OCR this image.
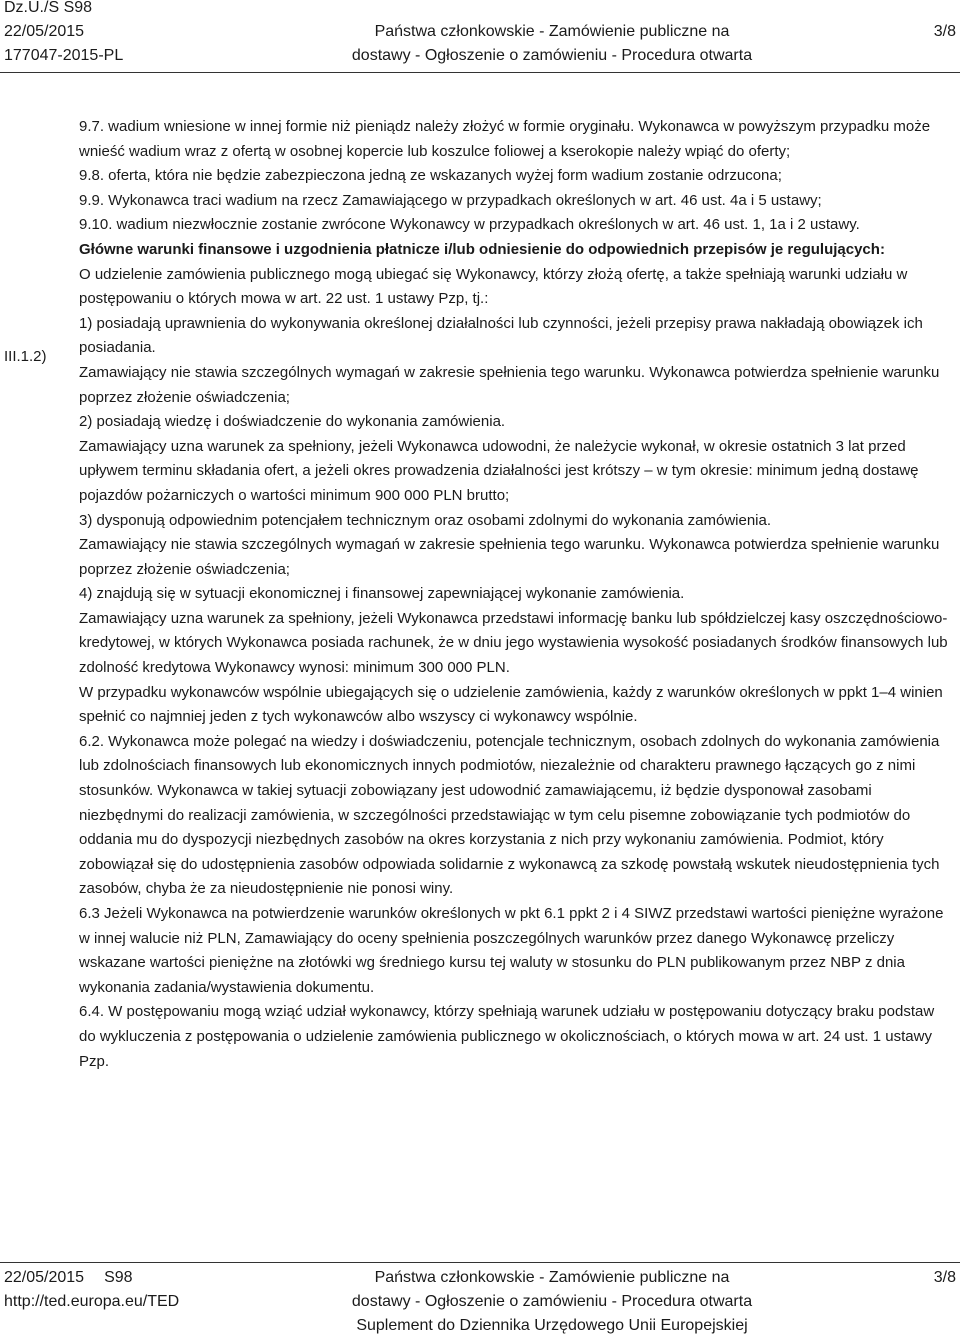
Dz.U./S S98
22/05/2015
177047-2015-PL
Państwa członkowskie - Zamówienie publiczne na
dostawy - Ogłoszenie o zamówieniu - Procedura otwarta
3/8
III.1.2)

9.7. wadium wniesione w innej formie niż pieniądz należy złożyć w formie oryginału. Wykonawca w powyższym przypadku może wnieść wadium wraz z ofertą w osobnej kopercie lub koszulce foliowej a kserokopie należy wpiąć do oferty;

9.8. oferta, która nie będzie zabezpieczona jedną ze wskazanych wyżej form wadium zostanie odrzucona;

9.9. Wykonawca traci wadium na rzecz Zamawiającego w przypadkach określonych w art. 46 ust. 4a i 5 ustawy;

9.10. wadium niezwłocznie zostanie zwrócone Wykonawcy w przypadkach określonych w art. 46 ust. 1, 1a i 2 ustawy.

Główne warunki finansowe i uzgodnienia płatnicze i/lub odniesienie do odpowiednich przepisów je regulujących:

O udzielenie zamówienia publicznego mogą ubiegać się Wykonawcy, którzy złożą ofertę, a także spełniają warunki udziału w postępowaniu o których mowa w art. 22 ust. 1 ustawy Pzp, tj.:

1) posiadają uprawnienia do wykonywania określonej działalności lub czynności, jeżeli przepisy prawa nakładają obowiązek ich posiadania.

Zamawiający nie stawia szczególnych wymagań w zakresie spełnienia tego warunku. Wykonawca potwierdza spełnienie warunku poprzez złożenie oświadczenia;

2) posiadają wiedzę i doświadczenie do wykonania zamówienia.

Zamawiający uzna warunek za spełniony, jeżeli Wykonawca udowodni, że należycie wykonał, w okresie ostatnich 3 lat przed upływem terminu składania ofert, a jeżeli okres prowadzenia działalności jest krótszy – w tym okresie: minimum jedną dostawę pojazdów pożarniczych o wartości minimum 900 000 PLN brutto;

3) dysponują odpowiednim potencjałem technicznym oraz osobami zdolnymi do wykonania zamówienia.

Zamawiający nie stawia szczególnych wymagań w zakresie spełnienia tego warunku. Wykonawca potwierdza spełnienie warunku poprzez złożenie oświadczenia;

4) znajdują się w sytuacji ekonomicznej i finansowej zapewniającej wykonanie zamówienia.

Zamawiający uzna warunek za spełniony, jeżeli Wykonawca przedstawi informację banku lub spółdzielczej kasy oszczędnościowo-kredytowej, w których Wykonawca posiada rachunek, że w dniu jego wystawienia wysokość posiadanych środków finansowych lub zdolność kredytowa Wykonawcy wynosi: minimum 300 000 PLN.

W przypadku wykonawców wspólnie ubiegających się o udzielenie zamówienia, każdy z warunków określonych w ppkt 1–4 winien spełnić co najmniej jeden z tych wykonawców albo wszyscy ci wykonawcy wspólnie.

6.2. Wykonawca może polegać na wiedzy i doświadczeniu, potencjale technicznym, osobach zdolnych do wykonania zamówienia lub zdolnościach finansowych lub ekonomicznych innych podmiotów, niezależnie od charakteru prawnego łączących go z nimi stosunków. Wykonawca w takiej sytuacji zobowiązany jest udowodnić zamawiającemu, iż będzie dysponował zasobami niezbędnymi do realizacji zamówienia, w szczególności przedstawiając w tym celu pisemne zobowiązanie tych podmiotów do oddania mu do dyspozycji niezbędnych zasobów na okres korzystania z nich przy wykonaniu zamówienia. Podmiot, który zobowiązał się do udostępnienia zasobów odpowiada solidarnie z wykonawcą za szkodę powstałą wskutek nieudostępnienia tych zasobów, chyba że za nieudostępnienie nie ponosi winy.

6.3 Jeżeli Wykonawca na potwierdzenie warunków określonych w pkt 6.1 ppkt 2 i 4 SIWZ przedstawi wartości pieniężne wyrażone w innej walucie niż PLN, Zamawiający do oceny spełnienia poszczególnych warunków przez danego Wykonawcę przeliczy wskazane wartości pieniężne na złotówki wg średniego kursu tej waluty w stosunku do PLN publikowanym przez NBP z dnia wykonania zadania/wystawienia dokumentu.

6.4. W postępowaniu mogą wziąć udział wykonawcy, którzy spełniają warunek udziału w postępowaniu dotyczący braku podstaw do wykluczenia z postępowania o udzielenie zamówienia publicznego w okolicznościach, o których mowa w art. 24 ust. 1 ustawy Pzp.

22/05/2015 S98
http://ted.europa.eu/TED
Państwa członkowskie - Zamówienie publiczne na
dostawy - Ogłoszenie o zamówieniu - Procedura otwarta
Suplement do Dziennika Urzędowego Unii Europejskiej
3/8
